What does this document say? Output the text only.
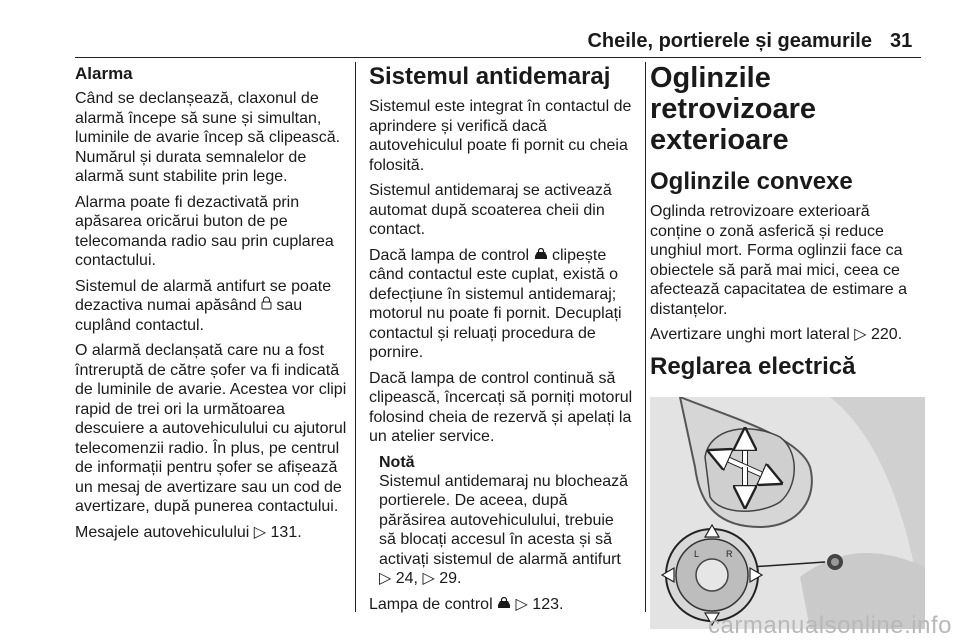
Cheile, portierele și geamurile 31
Alarma

Când se declanșează, claxonul de alarmă începe să sune și simultan, luminile de avarie încep să clipească. Numărul și durata semnalelor de alarmă sunt stabilite prin lege.

Alarma poate fi dezactivată prin apăsarea oricărui buton de pe telecomanda radio sau prin cuplarea contactului.

Sistemul de alarmă antifurt se poate dezactiva numai apăsând sau cuplând contactul.

O alarmă declanșată care nu a fost întreruptă de către șofer va fi indicată de luminile de avarie. Acestea vor clipi rapid de trei ori la următoarea descuiere a autovehiculului cu ajutorul telecomenzii radio. În plus, pe centrul de informații pentru șofer se afișează un mesaj de avertizare sau un cod de avertizare, după punerea contactului.

Mesajele autovehiculului ▷ 131.

Sistemul antidemaraj

Sistemul este integrat în contactul de aprindere și verifică dacă autovehiculul poate fi pornit cu cheia folosită.

Sistemul antidemaraj se activează automat după scoaterea cheii din contact.

Dacă lampa de control clipește când contactul este cuplat, există o defecțiune în sistemul antidemaraj; motorul nu poate fi pornit. Decuplați contactul și reluați procedura de pornire.

Dacă lampa de control continuă să clipească, încercați să porniți motorul folosind cheia de rezervă și apelați la un atelier service.

Notă

Sistemul antidemaraj nu blochează portierele. De aceea, după părăsirea autovehiculului, trebuie să blocați accesul în acesta și să activați sistemul de alarmă antifurt ▷ 24, ▷ 29.

Lampa de control ▷ 123.

Oglinzile retrovizoare exterioare
Oglinzile convexe

Oglinda retrovizoare exterioară conține o zonă asferică și reduce unghiul mort. Forma oglinzii face ca obiectele să pară mai mici, ceea ce afectează capacitatea de estimare a distanțelor.

Avertizare unghi mort lateral ▷ 220.

Reglarea electrică
L	R
carmanualsonline.info
